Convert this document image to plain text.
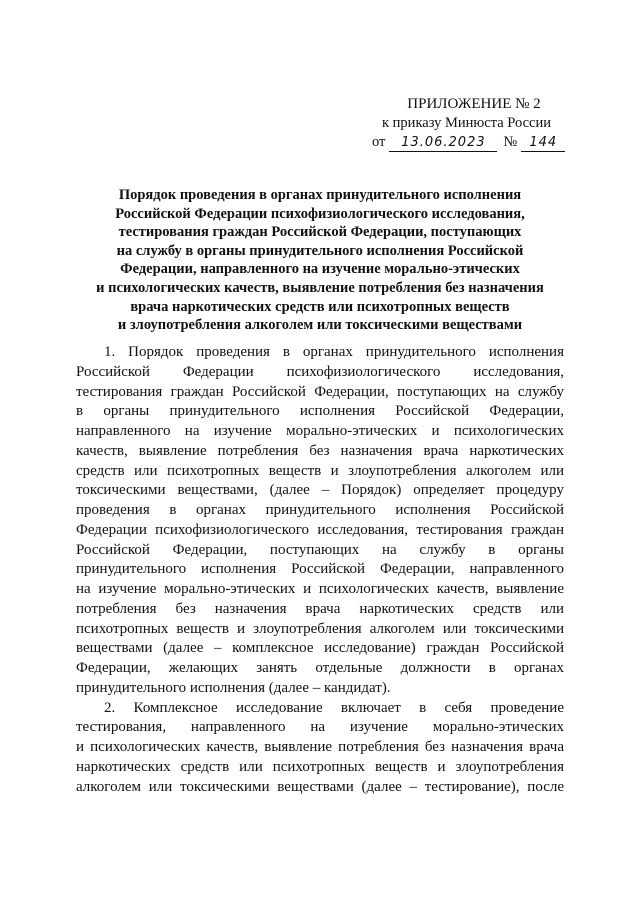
ПРИЛОЖЕНИЕ № 2
к приказу Минюста России
от	13.06.2023	№ 144
Порядок проведения в органах принудительного исполнения
Российской Федерации психофизиологического исследования,
тестирования граждан Российской Федерации, поступающих
на службу в органы принудительного исполнения Российской
Федерации, направленного на изучение морально-этических
и психологических качеств, выявление потребления без назначения
врача наркотических средств или психотропных веществ
и злоупотребления алкоголем или токсическими веществами
1. Порядок проведения в органах принудительного исполнения
Российской Федерации психофизиологического исследования,
тестирования граждан Российской Федерации, поступающих на службу
в органы принудительного исполнения Российской Федерации,
направленного на изучение морально-этических и психологических
качеств, выявление потребления без назначения врача наркотических
средств или психотропных веществ и злоупотребления алкоголем или
токсическими веществами, (далее – Порядок) определяет процедуру
проведения в органах принудительного исполнения Российской
Федерации психофизиологического исследования, тестирования граждан
Российской Федерации, поступающих на службу в органы
принудительного исполнения Российской Федерации, направленного
на изучение морально-этических и психологических качеств, выявление
потребления без назначения врача наркотических средств или
психотропных веществ и злоупотребления алкоголем или токсическими
веществами (далее – комплексное исследование) граждан Российской
Федерации, желающих занять отдельные должности в органах
принудительного исполнения (далее – кандидат).
2. Комплексное исследование включает в себя проведение
тестирования, направленного на изучение морально-этических
и психологических качеств, выявление потребления без назначения врача
наркотических средств или психотропных веществ и злоупотребления
алкоголем или токсическими веществами (далее – тестирование), после
